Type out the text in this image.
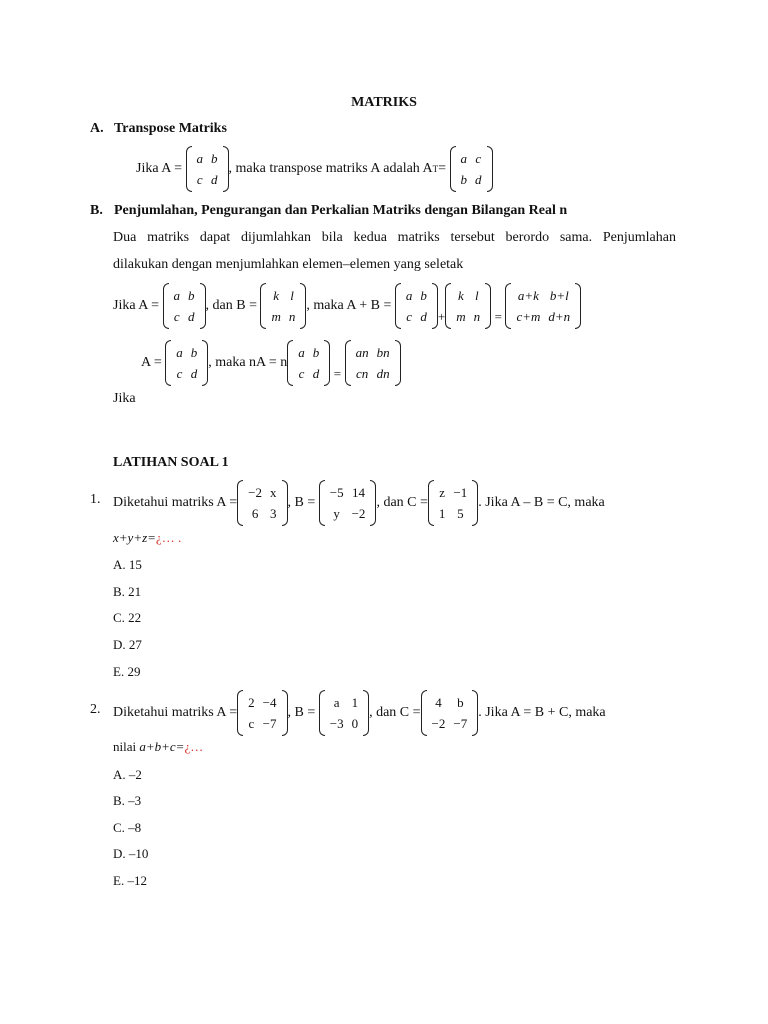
MATRIKS
A. Transpose Matriks
Jika A =

a	b
c	d
, maka transpose matriks A adalah A T =

a	c
b	d
B. Penjumlahan, Pengurangan dan Perkalian Matriks dengan Bilangan Real n
Dua matriks dapat dijumlahkan bila kedua matriks tersebut berordo sama. Penjumlahan
dilakukan dengan menjumlahkan elemen–elemen yang seletak
Jika A =

a	b
c	d
, dan B =

k	l
m	n
, maka A + B =

a	b
c	d +
k	l
m	n
=

a+k	b+l
c+m	d+n
A =

a	b
c	d
, maka nA = n
a	b
c	d
=

an	bn
cn	dn
Jika
LATIHAN SOAL 1
1. Diketahui matriks A =
−2	x
6	3
, B =

−5	14
y	−2
, dan C =
z	−1
1	5
. Jika A – B = C, maka
x+y+z=¿… .
A. 15
B. 21
C. 22
D. 27
E. 29
2. Diketahui matriks A =
2	−4
c	−7
, B =

a	1
−3	0
, dan C =
4	b
−2	−7
. Jika A = B + C, maka
nilai a+b+c=¿…
A. –2
B. –3
C. –8
D. –10
E. –12
